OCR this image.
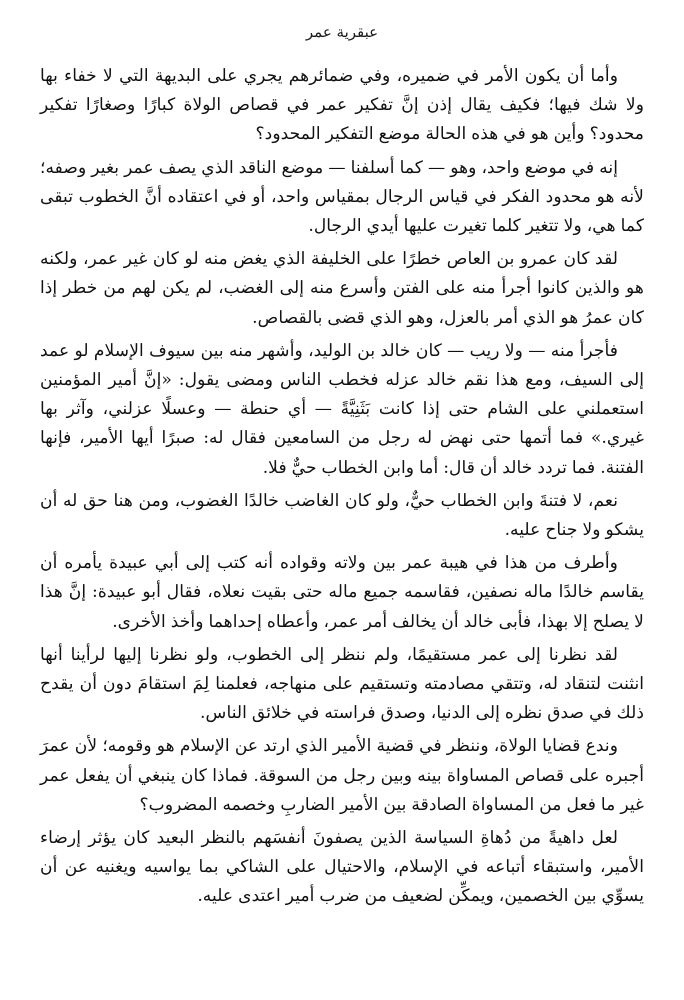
عبقرية عمر

وأما أن يكون الأمر في ضميره، وفي ضمائرهم يجري على البديهة التي لا خفاء بها ولا شك فيها؛ فكيف يقال إذن إنَّ تفكير عمر في قصاص الولاة كبارًا وصغارًا تفكير محدود؟ وأين هو في هذه الحالة موضع التفكير المحدود؟

إنه في موضع واحد، وهو — كما أسلفنا — موضع الناقد الذي يصف عمر بغير وصفه؛ لأنه هو محدود الفكر في قياس الرجال بمقياس واحد، أو في اعتقاده أنَّ الخطوب تبقى كما هي، ولا تتغير كلما تغيرت عليها أيدي الرجال.

لقد كان عمرو بن العاص خطرًا على الخليفة الذي يغض منه لو كان غير عمر، ولكنه هو والذين كانوا أجرأ منه على الفتن وأسرع منه إلى الغضب، لم يكن لهم من خطر إذا كان عمرُ هو الذي أمر بالعزل، وهو الذي قضى بالقصاص.

فأجرأ منه — ولا ريب — كان خالد بن الوليد، وأشهر منه بين سيوف الإسلام لو عمد إلى السيف، ومع هذا نقم خالد عزله فخطب الناس ومضى يقول: «إنَّ أمير المؤمنين استعملني على الشام حتى إذا كانت بَثَنِيَّةً — أي حنطة — وعسلًا عزلني، وآثر بها غيري.» فما أتمها حتى نهض له رجل من السامعين فقال له: صبرًا أيها الأمير، فإنها الفتنة. فما تردد خالد أن قال: أما وابن الخطاب حيٌّ فلا.

نعم، لا فتنةَ وابن الخطاب حيٌّ، ولو كان الغاضب خالدًا الغضوب، ومن هنا حق له أن يشكو ولا جناح عليه.

وأطرف من هذا في هيبة عمر بين ولاته وقواده أنه كتب إلى أبي عبيدة يأمره أن يقاسم خالدًا ماله نصفين، فقاسمه جميع ماله حتى بقيت نعلاه، فقال أبو عبيدة: إنَّ هذا لا يصلح إلا بهذا، فأبى خالد أن يخالف أمر عمر، وأعطاه إحداهما وأخذ الأخرى.

لقد نظرنا إلى عمر مستقيمًا، ولم ننظر إلى الخطوب، ولو نظرنا إليها لرأينا أنها انثنت لتنقاد له، وتتقي مصادمته وتستقيم على منهاجه، فعلمنا لِمَ استقامَ دون أن يقدح ذلك في صدق نظره إلى الدنيا، وصدق فراسته في خلائق الناس.

وندع قضايا الولاة، وننظر في قضية الأمير الذي ارتد عن الإسلام هو وقومه؛ لأن عمرَ أجبره على قصاص المساواة بينه وبين رجل من السوقة. فماذا كان ينبغي أن يفعل عمر غير ما فعل من المساواة الصادقة بين الأمير الضاربِ وخصمه المضروب؟

لعل داهيةً من دُهاةِ السياسة الذين يصفونَ أنفسَهم بالنظر البعيد كان يؤثر إرضاء الأمير، واستبقاء أتباعه في الإسلام، والاحتيال على الشاكي بما يواسيه ويغنيه عن أن يسوِّي بين الخصمين، ويمكِّن لضعيف من ضرب أمير اعتدى عليه.
